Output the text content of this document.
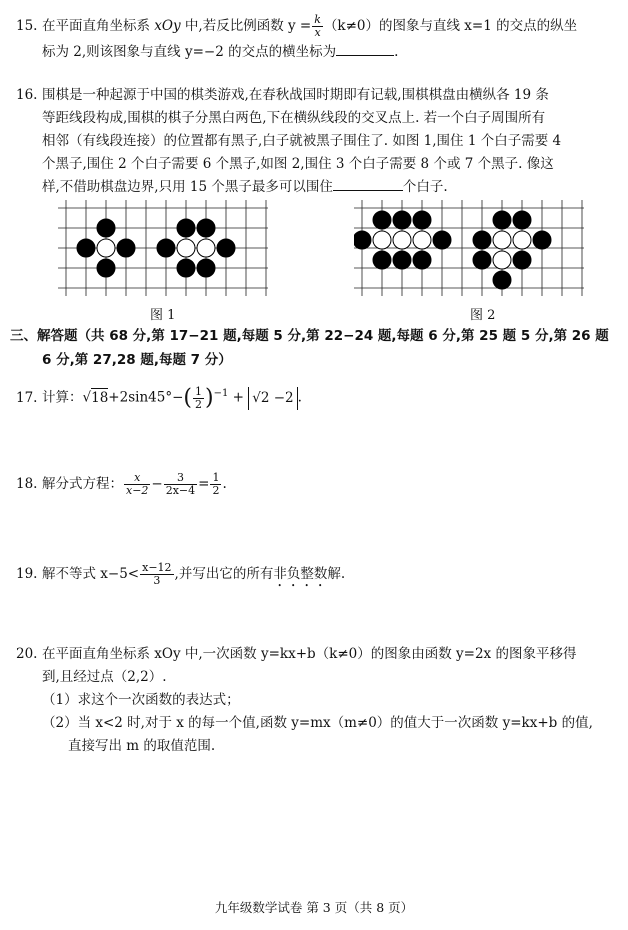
15. 在平面直角坐标系 xOy 中,若反比例函数 $y = \frac{k}{x} (k\ne 0)$的图象与直线 x=1 的交点的纵坐
标为 2,则该图象与直线 y=−2 的交点的横坐标为	.
16. 围棋是一种起源于中国的棋类游戏,在春秋战国时期即有记载,围棋棋盘由横纵各 19 条
等距线段构成,围棋的棋子分黑白两色,下在横纵线段的交叉点上. 若一个白子周围所有
相邻（有线段连接）的位置都有黑子,白子就被黑子围住了. 如图 1,围住 1 个白子需要 4
个黑子,围住 2 个白子需要 6 个黑子,如图 2,围住 3 个白子需要 8 个或 7 个黑子. 像这
样,不借助棋盘边界,只用 15 个黑子最多可以围住	个白子.
图 1	图 2
三、解答题（共 68 分,第 17−21 题,每题 5 分,第 22−24 题,每题 6 分,第 25 题 5 分,第 26 题
6 分,第 27,28 题,每题 7 分）
17. 计算：$√18+2\sin 45^\circ-( \frac{1}{2} )^{-1} + √2 -2$ .
18. 解分式方程： $\frac{x}{x-2} - \frac{3}{2x-4} = \frac{1}{2}$ .
19. 解不等式 $x-5< \frac{x-12}{3}$ ,并写出它的所有非负整数解.
20. 在平面直角坐标系 xOy 中,一次函数 y=kx+b（k≠0）的图象由函数 y=2x 的图象平移得
到,且经过点（2,2）.
（1）求这个一次函数的表达式；
（2）当 x<2 时,对于 x 的每一个值,函数 y=mx（m≠0）的值大于一次函数 y=kx+b 的值,
直接写出 m 的取值范围.
九年级数学试卷 第 3 页（共 8 页）
